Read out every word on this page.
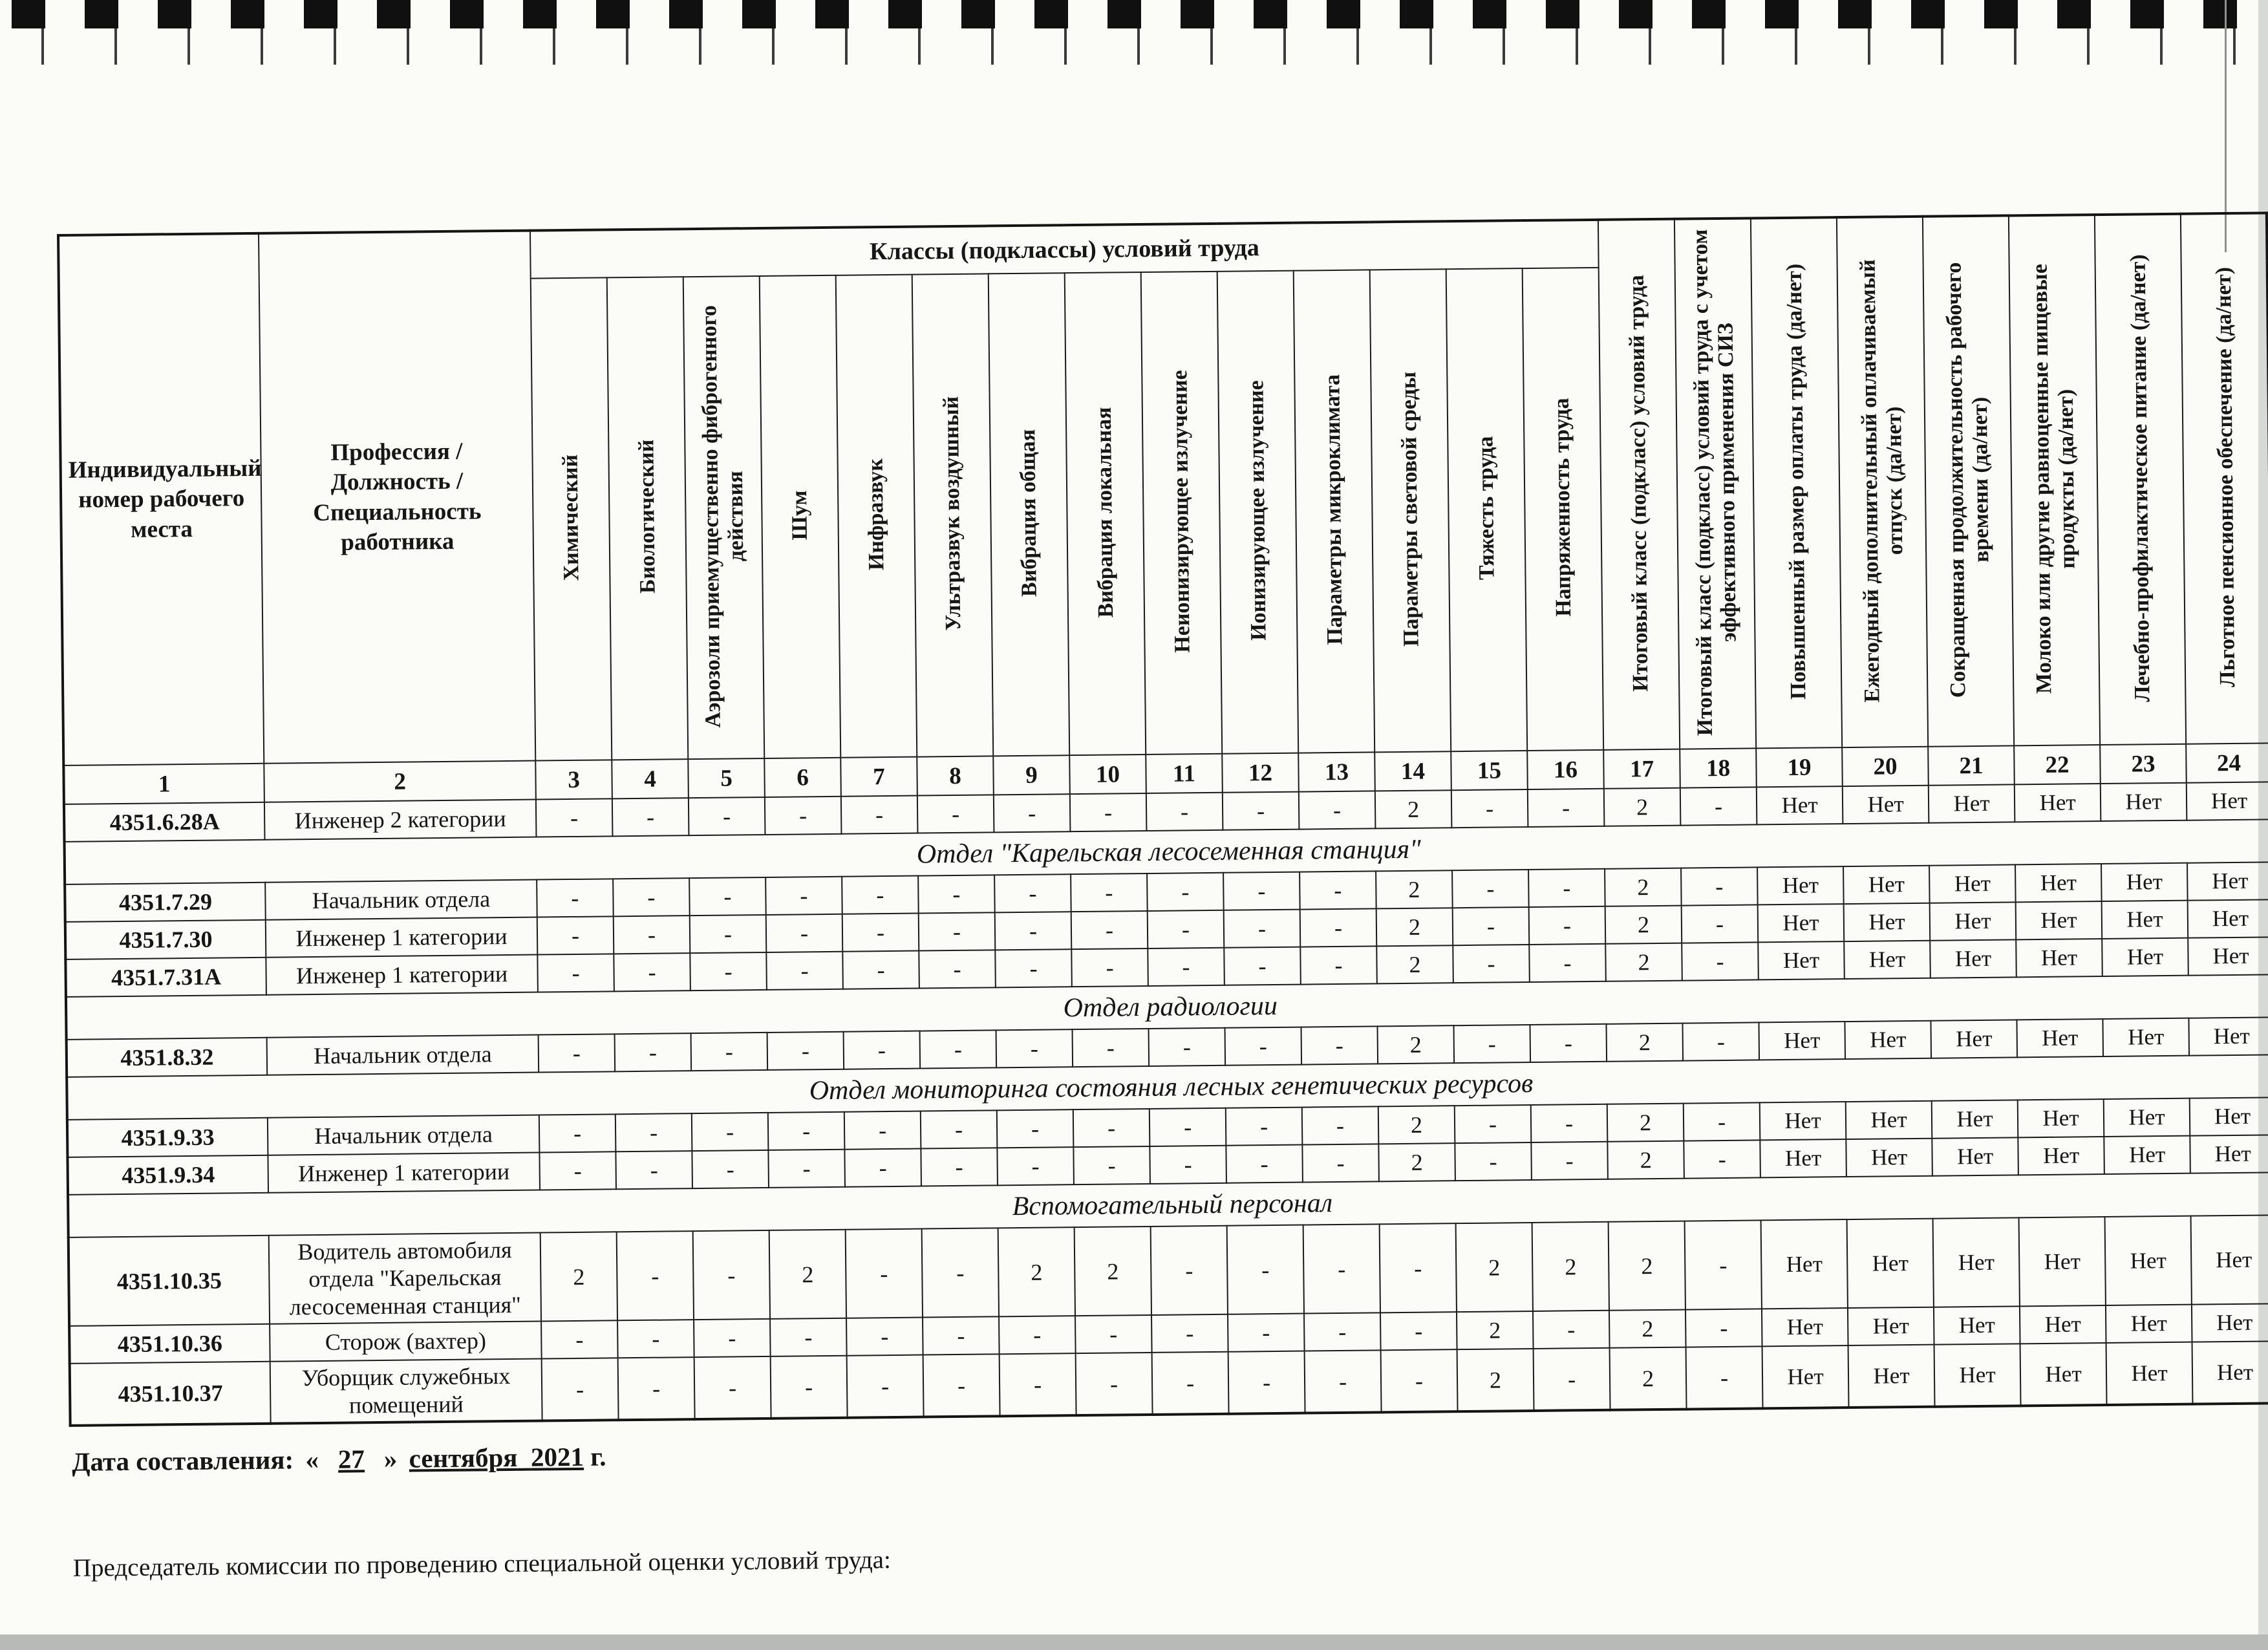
Индивидуальный номер рабочего места	Профессия / Должность / Специальность работника	Классы (подклассы) условий труда														Итоговый класс (подкласс) условий труда	Итоговый класс (подкласс) условий труда с учетом эффективного применения СИЗ	Повышенный размер оплаты труда (да/нет)	Ежегодный дополнительный оплачиваемый отпуск (да/нет)	Сокращенная продолжительность рабочего времени (да/нет)	Молоко или другие равноценные пищевые продукты (да/нет)	Лечебно-профилактическое питание (да/нет)	Льготное пенсионное обеспечение (да/нет)
		Химический	Биологический	Аэрозоли приемущественно фиброгенного действия	Шум	Инфразвук	Ультразвук воздушный	Вибрация общая	Вибрация локальная	Неионизирующее излучение	Ионизирующее излучение	Параметры микроклимата	Параметры световой среды	Тяжесть труда	Напряженность труда								
1	2	3	4	5	6	7	8	9	10	11	12	13	14	15	16	17	18	19	20	21	22	23	24
4351.6.28А	Инженер 2 категории	-	-	-	-	-	-	-	-	-	-	-	2	-	-	2	-	Нет	Нет	Нет	Нет	Нет	Нет
Отдел "Карельская лесосеменная станция"																							
4351.7.29	Начальник отдела	-	-	-	-	-	-	-	-	-	-	-	2	-	-	2	-	Нет	Нет	Нет	Нет	Нет	Нет
4351.7.30	Инженер 1 категории	-	-	-	-	-	-	-	-	-	-	-	2	-	-	2	-	Нет	Нет	Нет	Нет	Нет	Нет
4351.7.31А	Инженер 1 категории	-	-	-	-	-	-	-	-	-	-	-	2	-	-	2	-	Нет	Нет	Нет	Нет	Нет	Нет
Отдел радиологии																							
4351.8.32	Начальник отдела	-	-	-	-	-	-	-	-	-	-	-	2	-	-	2	-	Нет	Нет	Нет	Нет	Нет	Нет
Отдел мониторинга состояния лесных генетических ресурсов																							
4351.9.33	Начальник отдела	-	-	-	-	-	-	-	-	-	-	-	2	-	-	2	-	Нет	Нет	Нет	Нет	Нет	Нет
4351.9.34	Инженер 1 категории	-	-	-	-	-	-	-	-	-	-	-	2	-	-	2	-	Нет	Нет	Нет	Нет	Нет	Нет
Вспомогательный персонал																							
4351.10.35	Водитель автомобиля отдела "Карельская лесосеменная станция"	2	-	-	2	-	-	2	2	-	-	-	-	2	2	2	-	Нет	Нет	Нет	Нет	Нет	Нет
4351.10.36	Сторож (вахтер)	-	-	-	-	-	-	-	-	-	-	-	-	2	-	2	-	Нет	Нет	Нет	Нет	Нет	Нет
4351.10.37	Уборщик служебных помещений	-	-	-	-	-	-	-	-	-	-	-	-	2	-	2	-	Нет	Нет	Нет	Нет	Нет	Нет
Дата составления: « 27 » сентября 2021 г.
Председатель комиссии по проведению специальной оценки условий труда:
